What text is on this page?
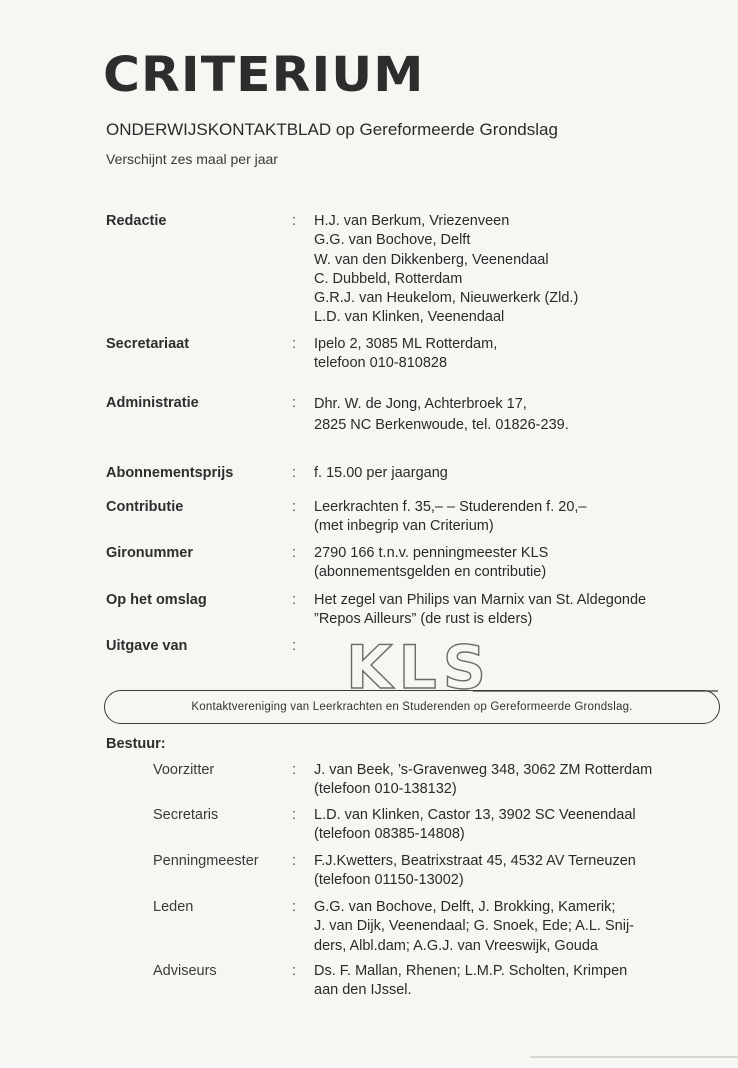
CRITERIUM
ONDERWIJSKONTAKTBLAD op Gereformeerde Grondslag
Verschijnt zes maal per jaar
Redactie	: H.J. van Berkum, Vriezenveen
G.G. van Bochove, Delft
W. van den Dikkenberg, Veenendaal
C. Dubbeld, Rotterdam
G.R.J. van Heukelom, Nieuwerkerk (Zld.)
L.D. van Klinken, Veenendaal
Secretariaat	: Ipelo 2, 3085 ML Rotterdam,
telefoon 010-810828
Administratie	: Dhr. W. de Jong, Achterbroek 17,
2825 NC Berkenwoude, tel. 01826-239.
Abonnementsprijs	: f. 15.00 per jaargang
Contributie	: Leerkrachten f. 35,– – Studerenden f. 20,–
(met inbegrip van Criterium)
Gironummer	: 2790 166 t.n.v. penningmeester KLS
(abonnementsgelden en contributie)
Op het omslag	: Het zegel van Philips van Marnix van St. Aldegonde
”Repos Ailleurs” (de rust is elders)
Uitgave van	: KLS
Kontaktvereniging van Leerkrachten en Studerenden op Gereformeerde Grondslag.
Bestuur:
Voorzitter	: J. van Beek, ’s-Gravenweg 348, 3062 ZM Rotterdam
(telefoon 010-138132)
Secretaris	: L.D. van Klinken, Castor 13, 3902 SC Veenendaal
(telefoon 08385-14808)
Penningmeester : F.J.Kwetters, Beatrixstraat 45, 4532 AV Terneuzen
(telefoon 01150-13002)
Leden	: G.G. van Bochove, Delft, J. Brokking, Kamerik;
J. van Dijk, Veenendaal; G. Snoek, Ede; A.L. Snij-
ders, Albl.dam; A.G.J. van Vreeswijk, Gouda
Adviseurs	: Ds. F. Mallan, Rhenen; L.M.P. Scholten, Krimpen
aan den IJssel.
